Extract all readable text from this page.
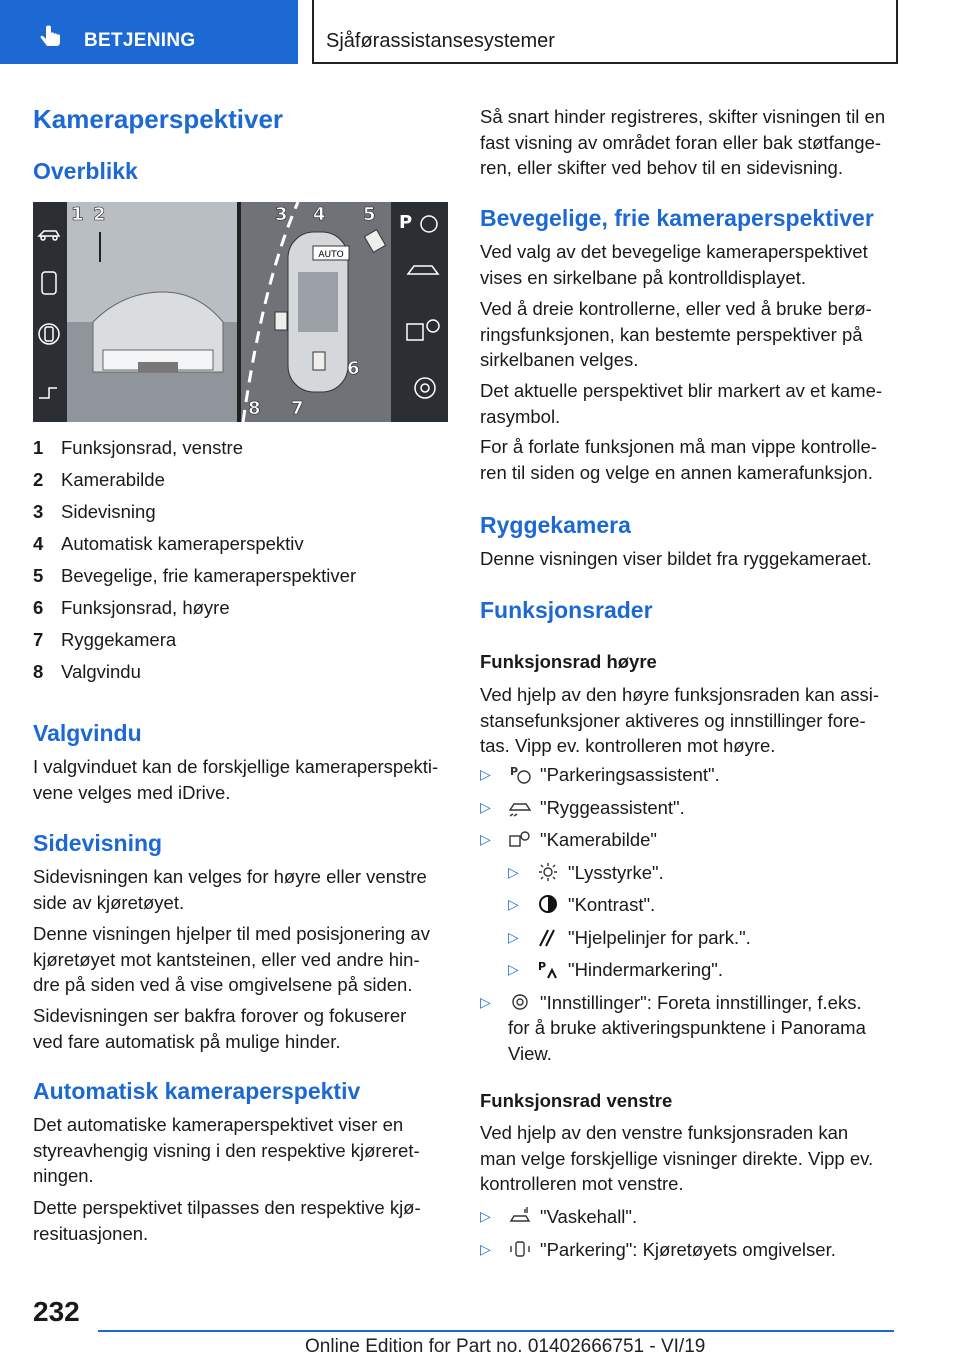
BETJENING	Sjåførassistansesystemer
Kameraperspektiver
Overblikk
AUTO
P
1 2	3 4 5
6
7
8
1 Funksjonsrad, venstre
2 Kamerabilde
3 Sidevisning
4 Automatisk kameraperspektiv
5 Bevegelige, frie kameraperspektiver
6 Funksjonsrad, høyre
7 Ryggekamera
8 Valgvindu
Valgvindu

I valgvinduet kan de forskjellige kameraperspekti‐
vene velges med iDrive.

Sidevisning

Sidevisningen kan velges for høyre eller venstre
side av kjøretøyet.

Denne visningen hjelper til med posisjonering av
kjøretøyet mot kantsteinen, eller ved andre hin‐
dre på siden ved å vise omgivelsene på siden.

Sidevisningen ser bakfra forover og fokuserer
ved fare automatisk på mulige hinder.

Automatisk kameraperspektiv

Det automatiske kameraperspektivet viser en
styreavhengig visning i den respektive kjøreret‐
ningen.

Dette perspektivet tilpasses den respektive kjø‐
resituasjonen.

Så snart hinder registreres, skifter visningen til en
fast visning av området foran eller bak støtfange‐
ren, eller skifter ved behov til en sidevisning.

Bevegelige, frie kameraperspektiver

Ved valg av det bevegelige kameraperspektivet
vises en sirkelbane på kontrolldisplayet.

Ved å dreie kontrollerne, eller ved å bruke berø‐
ringsfunksjonen, kan bestemte perspektiver på
sirkelbanen velges.

Det aktuelle perspektivet blir markert av et kame‐
rasymbol.

For å forlate funksjonen må man vippe kontrolle‐
ren til siden og velge en annen kamerafunksjon.

Ryggekamera

Denne visningen viser bildet fra ryggekameraet.

Funksjonsrader
Funksjonsrad høyre

Ved hjelp av den høyre funksjonsraden kan assi‐
stansefunksjoner aktiveres og innstillinger fore‐
tas. Vipp ev. kontrolleren mot høyre.

▷ P "Parkeringsassistent".
▷	"Ryggeassistent".
▷	"Kamerabilde"
▷	"Lysstyrke".
▷	"Kontrast".
▷	"Hjelpelinjer for park.".
▷ P "Hindermarkering".
▷	"Innstillinger": Foreta innstillinger, f.eks.
for å bruke aktiveringspunktene i Panorama
View.
Funksjonsrad venstre

Ved hjelp av den venstre funksjonsraden kan
man velge forskjellige visninger direkte. Vipp ev.
kontrolleren mot venstre.

▷	"Vaskehall".
▷	"Parkering": Kjøretøyets omgivelser.
232
Online Edition for Part no. 01402666751 - VI/19
